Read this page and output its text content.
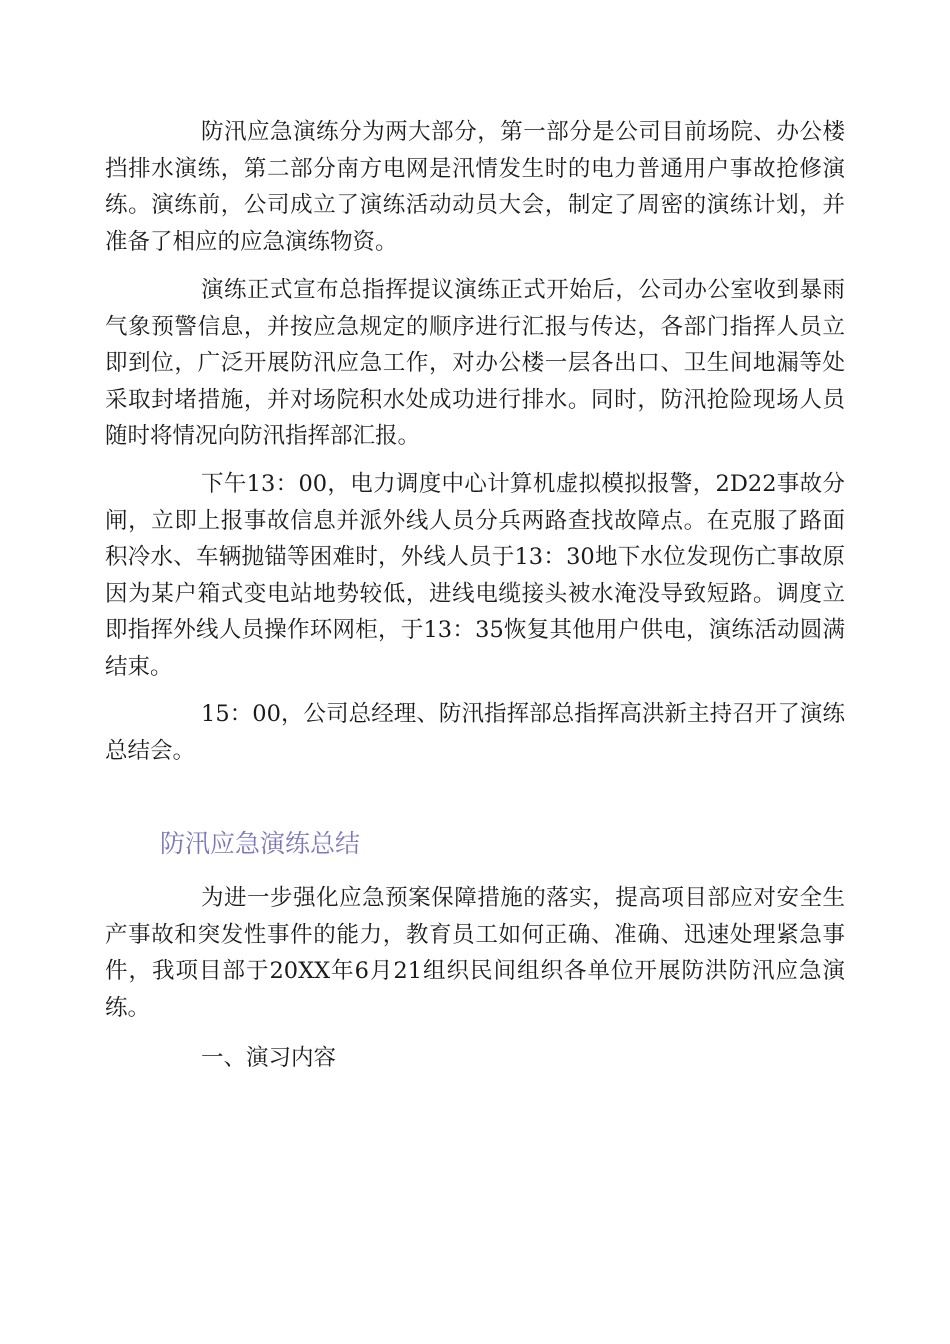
防汛应急演练分为两大部分，第一部分是公司目前场院、办公楼挡排水演练，第二部分南方电网是汛情发生时的电力普通用户事故抢修演练。演练前，公司成立了演练活动动员大会，制定了周密的演练计划，并准备了相应的应急演练物资。

演练正式宣布总指挥提议演练正式开始后，公司办公室收到暴雨气象预警信息，并按应急规定的顺序进行汇报与传达，各部门指挥人员立即到位，广泛开展防汛应急工作，对办公楼一层各出口、卫生间地漏等处采取封堵措施，并对场院积水处成功进行排水。同时，防汛抢险现场人员随时将情况向防汛指挥部汇报。

下午13：00，电力调度中心计算机虚拟模拟报警，2D22事故分闸，立即上报事故信息并派外线人员分兵两路查找故障点。在克服了路面积冷水、车辆抛锚等困难时，外线人员于13：30地下水位发现伤亡事故原因为某户箱式变电站地势较低，进线电缆接头被水淹没导致短路。调度立即指挥外线人员操作环网柜，于13：35恢复其他用户供电，演练活动圆满结束。

15：00，公司总经理、防汛指挥部总指挥高洪新主持召开了演练总结会。

防汛应急演练总结

为进一步强化应急预案保障措施的落实，提高项目部应对安全生产事故和突发性事件的能力，教育员工如何正确、准确、迅速处理紧急事件，我项目部于20XX年6月21组织民间组织各单位开展防洪防汛应急演练。

一、演习内容
